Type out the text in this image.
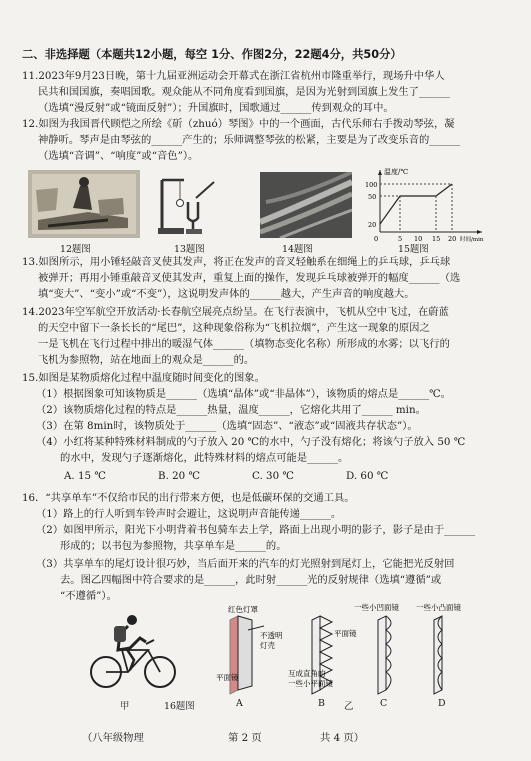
二、非选择题（本题共12小题，每空 1分、作图2分，22题4分，共50分）
11.2023年9月23日晚，第十九届亚洲运动会开幕式在浙江省杭州市隆重举行，现场升中华人
民共和国国旗，奏唱国歌。观众能从不同角度看到国旗，是因为光射到国旗上发生了______
（选填“漫反射”或“镜面反射”）；升国旗时，国歌通过______传到观众的耳中。
12.如图为我国晋代顾恺之所绘《斫（zhuó）琴图》中的一个画面，古代乐师右手拨动琴弦，凝
神静听。琴声是由琴弦的______产生的；乐师调整琴弦的松紧，主要是为了改变乐音的______
（选填“音调”、“响度”或“音色”）。
12题图	13题图	14题图
温度/℃
100
50
20
0	5 10 15 20 时间/min
15题图
13.如图所示，用小锤轻敲音叉使其发声，将正在发声的音叉轻触系在细绳上的乒乓球，乒乓球
被弹开；再用小锤重敲音叉使其发声，重复上面的操作，发现乒乓球被弹开的幅度______（选
填“变大”、“变小”或“不变”），这说明发声体的______越大，产生声音的响度越大。
14.2023年空军航空开放活动·长春航空展亮点纷呈。在飞行表演中，飞机从空中飞过，在蔚蓝
的天空中留下一条长长的“尾巴”，这种现象俗称为“飞机拉烟”，产生这一现象的原因之
一是飞机在飞行过程中排出的暖湿气体______（填物态变化名称）所形成的水雾；以飞行的
飞机为参照物，站在地面上的观众是______的。
15.如图是某物质熔化过程中温度随时间变化的图象。
（1）根据图象可知该物质是______（选填“晶体”或“非晶体”），该物质的熔点是______℃。
（2）该物质熔化过程的特点是______热量，温度______，它熔化共用了______ min。
（3）在第 8min时，该物质处于______（选填“固态”、“液态”或“固液共存状态”）。
（4）小红将某种特殊材料制成的勺子放入 20 ℃的水中，勺子没有熔化；将该勺子放入 50 ℃
的水中，发现勺子逐渐熔化，此特殊材料的熔点可能是______。
A. 15 ℃	B. 20 ℃	C. 30 ℃	D. 60 ℃
16．“共享单车”不仅给市民的出行带来方便，也是低碳环保的交通工具。
（1）路上的行人听到车铃声时会避让，这说明声音能传递______。
（2）如图甲所示，阳光下小明背着书包骑车去上学，路面上出现小明的影子，影子是由于______
形成的；以书包为参照物，共享单车是______的。
（3）共享单车的尾灯设计很巧妙，当后面开来的汽车的灯光照射到尾灯上，它能把光反射回
去。图乙四幅图中符合要求的是______，此时射______光的反射规律（选填“遵循”或
“不遵循”）。
红色灯罩
不透明
灯壳
平面镜
平面镜
互成直角的
一些小平面镜
一些小凹面镜 一些小凸面镜
甲	16题图	A	B 乙	C	D
（八年级物理	第 2 页	共 4 页）
